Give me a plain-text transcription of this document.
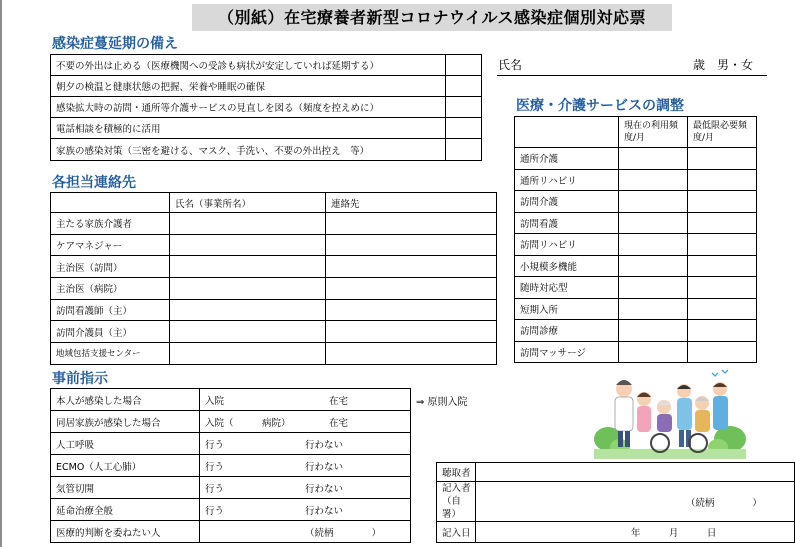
（別紙）在宅療養者新型コロナウイルス感染症個別対応票
感染症蔓延期の備え
不要の外出は止める（医療機関への受診も病状が安定していれば延期する）	
朝夕の検温と健康状態の把握、栄養や睡眠の確保	
感染拡大時の訪問・通所等介護サービスの見直しを図る（頻度を控えめに）	
電話相談を積極的に活用	
家族の感染対策（三密を避ける、マスク、手洗い、不要の外出控え　等）	
各担当連絡先
	氏名（事業所名）	連絡先
主たる家族介護者		
ケアマネジャー		
主治医（訪問）		
主治医（病院）		
訪問看護師（主）		
訪問介護員（主）		
地域包括支援センター		
事前指示
本人が感染した場合	入院 在宅
同居家族が感染した場合	入院（　　　病院） 在宅
人工呼吸	行う 行わない
ECMO（人工心肺）	行う 行わない
気管切開	行う 行わない
延命治療全般	行う 行わない
医療的判断を委ねたい人	（続柄　　　　）
⇒ 原則入院
氏名	歳　男・女
医療・介護サービスの調整
	現在の利用頻度/月	最低限必要頻度/月
通所介護		
通所リハビリ		
訪問介護		
訪問看護		
訪問リハビリ		
小規模多機能		
随時対応型		
短期入所		
訪問診療		
訪問マッサージ		
聴取者	

記入者
（自署）	（続柄　　　　）
記入日	年　　　月　　　日
